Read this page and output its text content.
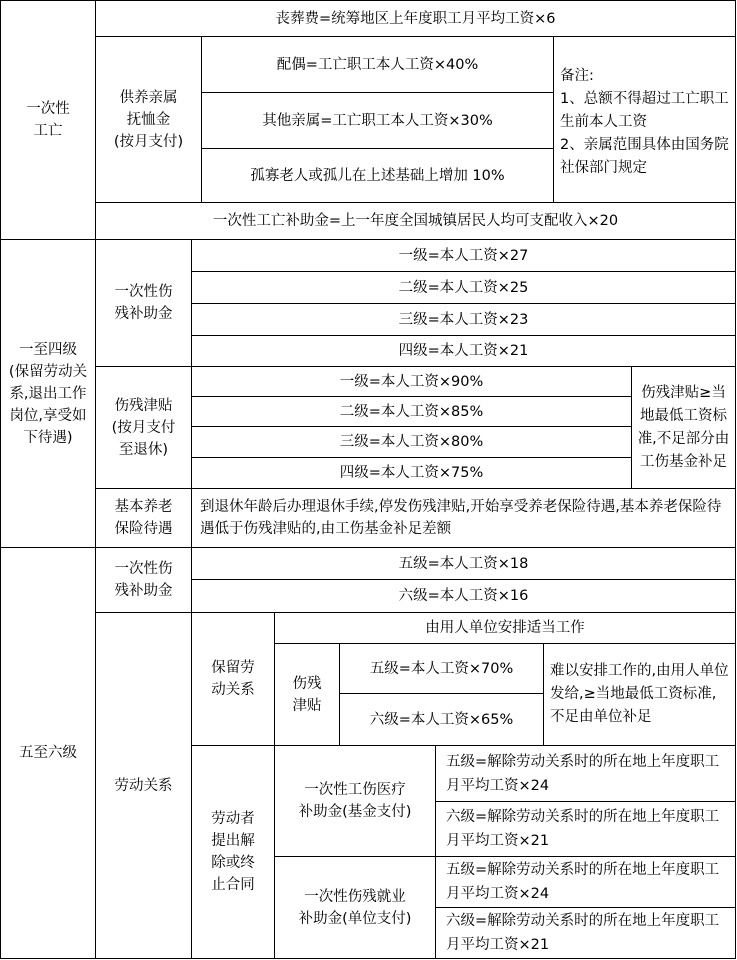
一次性
工亡
丧葬费=统筹地区上年度职工月平均工资×6
供养亲属
抚恤金
(按月支付)
配偶=工亡职工本人工资×40%
其他亲属=工亡职工本人工资×30%
孤寡老人或孤儿在上述基础上增加 10%
备注:
1、总额不得超过工亡职工生前本人工资
2、亲属范围具体由国务院社保部门规定
一次性工亡补助金=上一年度全国城镇居民人均可支配收入×20
一至四级
(保留劳动关系,退出工作岗位,享受如下待遇)
一次性伤
残补助金
一级=本人工资×27
二级=本人工资×25
三级=本人工资×23
四级=本人工资×21
伤残津贴
(按月支付
至退休)
一级=本人工资×90%
二级=本人工资×85%
三级=本人工资×80%
四级=本人工资×75%
伤残津贴≥当地最低工资标准,不足部分由工伤基金补足
基本养老
保险待遇
到退休年龄后办理退休手续,停发伤残津贴,开始享受养老保险待遇,基本养老保险待遇低于伤残津贴的,由工伤基金补足差额
五至六级
一次性伤
残补助金
五级=本人工资×18
六级=本人工资×16
劳动关系
保留劳
动关系
由用人单位安排适当工作
伤残
津贴
五级=本人工资×70%
六级=本人工资×65%
难以安排工作的,由用人单位发给,≥当地最低工资标准,不足由单位补足
劳动者
提出解
除或终
止合同
一次性工伤医疗
补助金(基金支付)
五级=解除劳动关系时的所在地上年度职工月平均工资×24
六级=解除劳动关系时的所在地上年度职工月平均工资×21
一次性伤残就业
补助金(单位支付)
五级=解除劳动关系时的所在地上年度职工月平均工资×24
六级=解除劳动关系时的所在地上年度职工月平均工资×21
